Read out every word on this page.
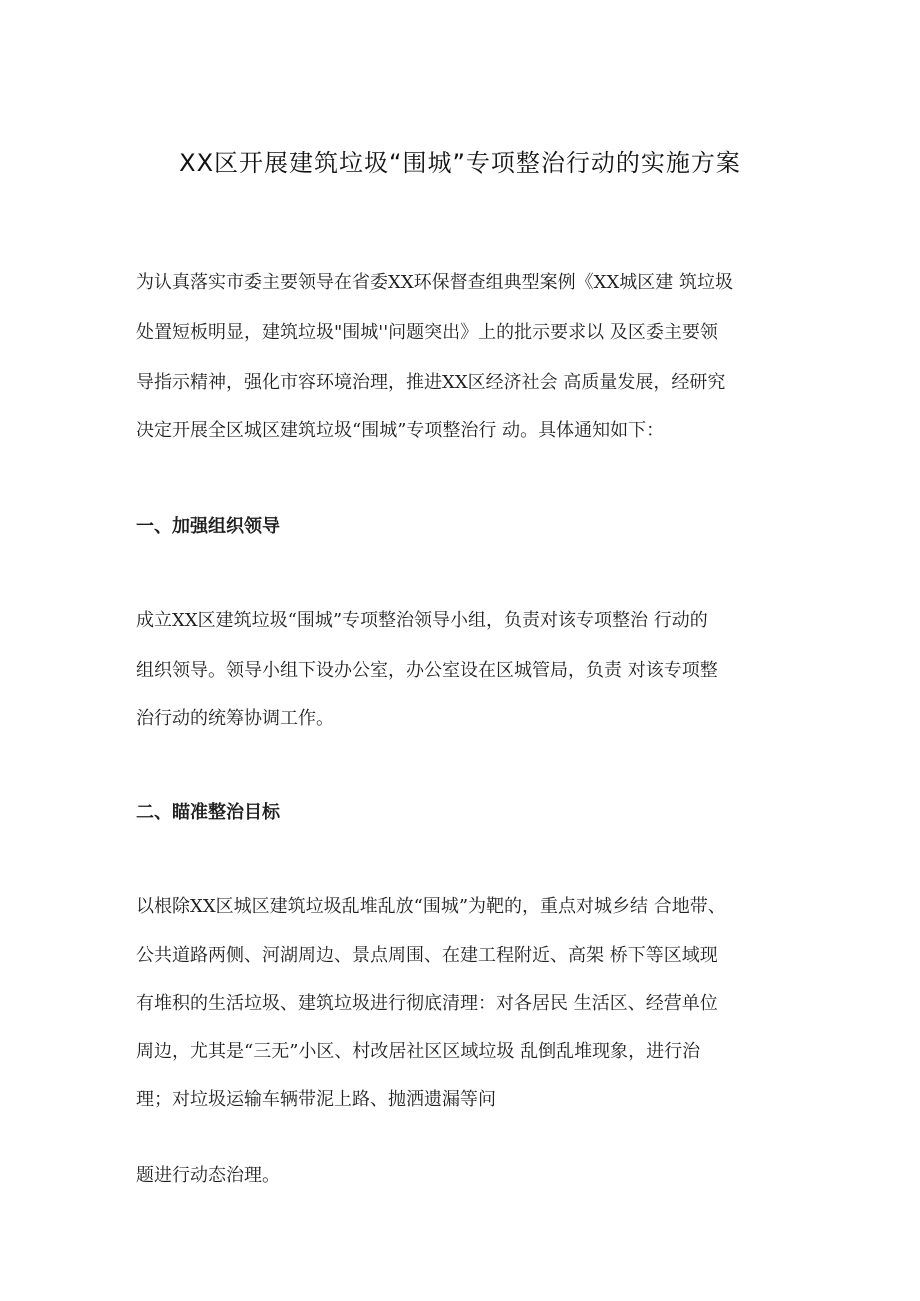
XX区开展建筑垃圾“围城”专项整治行动的实施方案

为认真落实市委主要领导在省委XX环保督查组典型案例《XX城区建 筑垃圾

处置短板明显，建筑垃圾"围城''问题突出》上的批示要求以 及区委主要领

导指示精神，强化市容环境治理，推进XX区经济社会 高质量发展，经研究

决定开展全区城区建筑垃圾“围城”专项整治行 动。具体通知如下：

一、加强组织领导

成立XX区建筑垃圾“围城”专项整治领导小组，负责对该专项整治 行动的

组织领导。领导小组下设办公室，办公室设在区城管局，负责 对该专项整

治行动的统筹协调工作。

二、瞄准整治目标

以根除XX区城区建筑垃圾乱堆乱放“围城”为靶的，重点对城乡结 合地带、

公共道路两侧、河湖周边、景点周围、在建工程附近、高架 桥下等区域现

有堆积的生活垃圾、建筑垃圾进行彻底清理：对各居民 生活区、经营单位

周边，尤其是“三无”小区、村改居社区区域垃圾 乱倒乱堆现象，进行治

理；对垃圾运输车辆带泥上路、抛洒遗漏等问

题进行动态治理。
